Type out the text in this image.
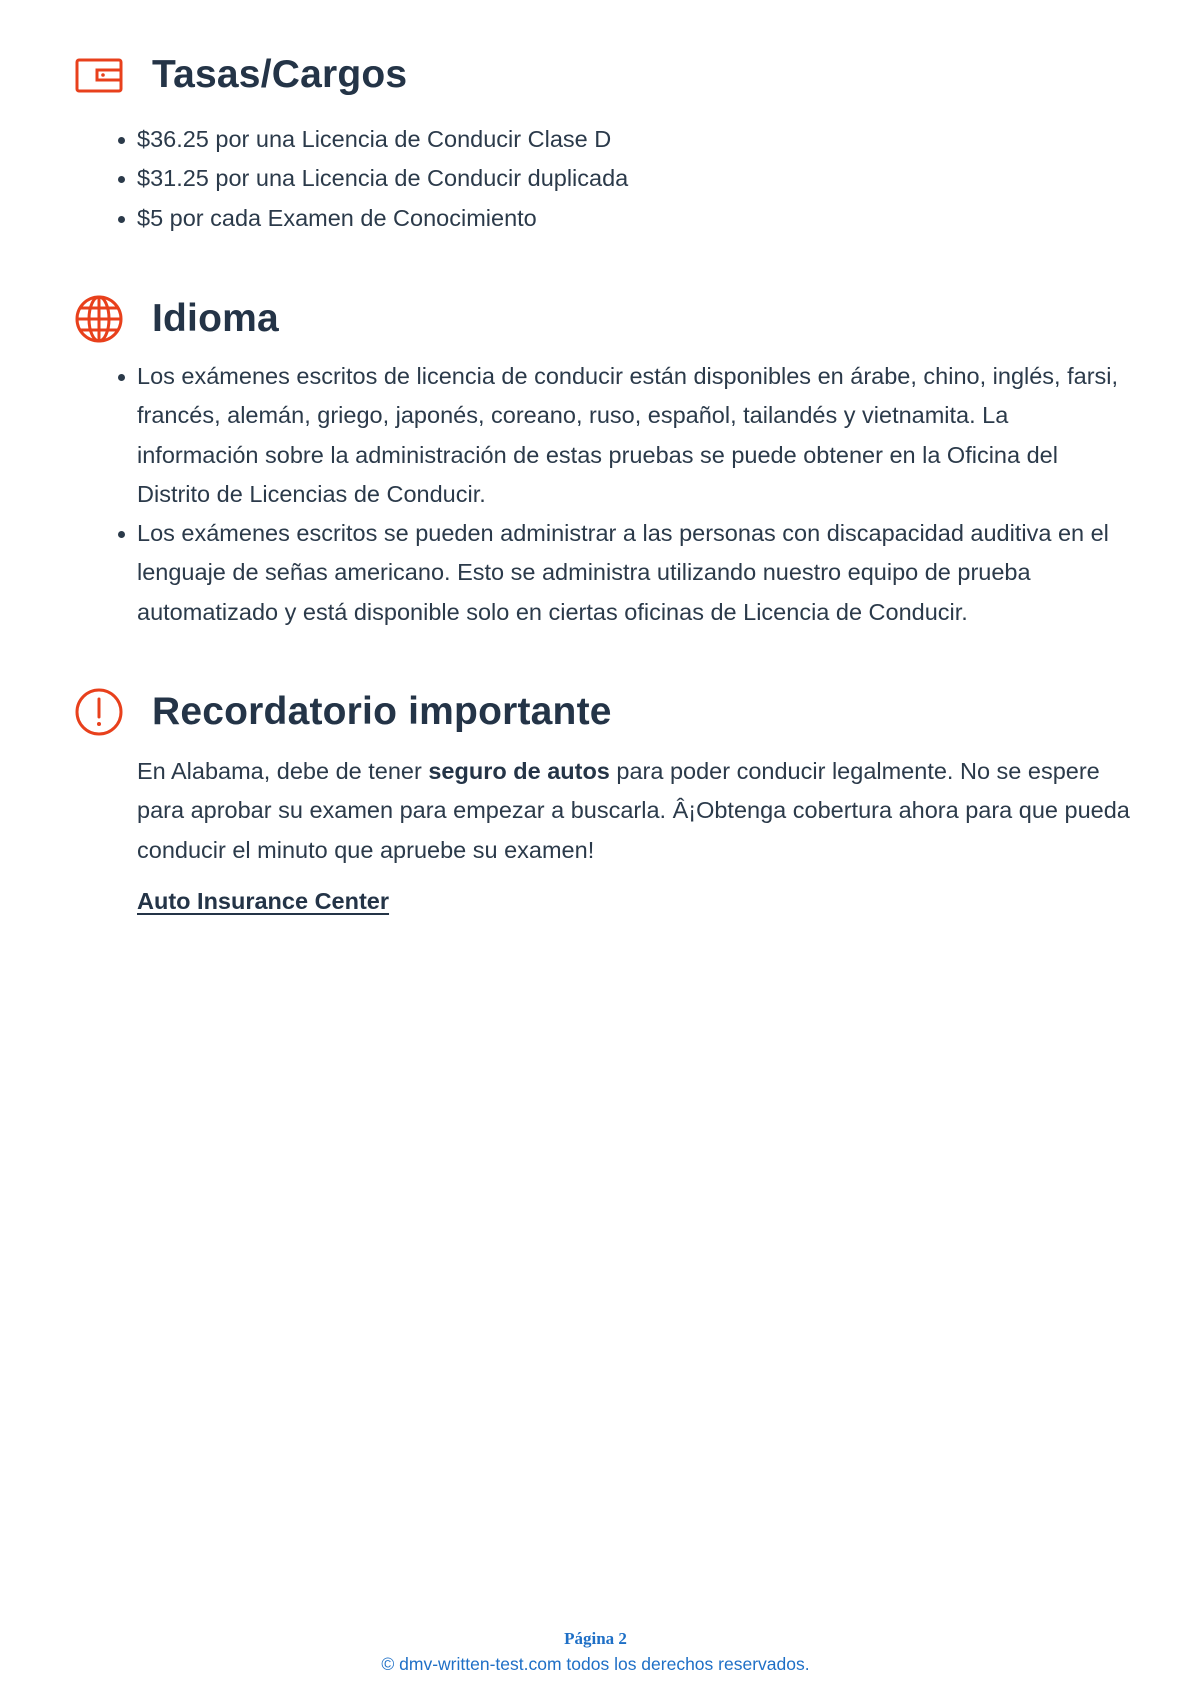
Tasas/Cargos
$36.25 por una Licencia de Conducir Clase D
$31.25 por una Licencia de Conducir duplicada
$5 por cada Examen de Conocimiento
Idioma
Los exámenes escritos de licencia de conducir están disponibles en árabe, chino, inglés, farsi, francés, alemán, griego, japonés, coreano, ruso, español, tailandés y vietnamita. La información sobre la administración de estas pruebas se puede obtener en la Oficina del Distrito de Licencias de Conducir.
Los exámenes escritos se pueden administrar a las personas con discapacidad auditiva en el lenguaje de señas americano. Esto se administra utilizando nuestro equipo de prueba automatizado y está disponible solo en ciertas oficinas de Licencia de Conducir.
Recordatorio importante

En Alabama, debe de tener seguro de autos para poder conducir legalmente. No se espere para aprobar su examen para empezar a buscarla. Â¡Obtenga cobertura ahora para que pueda conducir el minuto que apruebe su examen!

Auto Insurance Center
Página 2
© dmv-written-test.com todos los derechos reservados.
